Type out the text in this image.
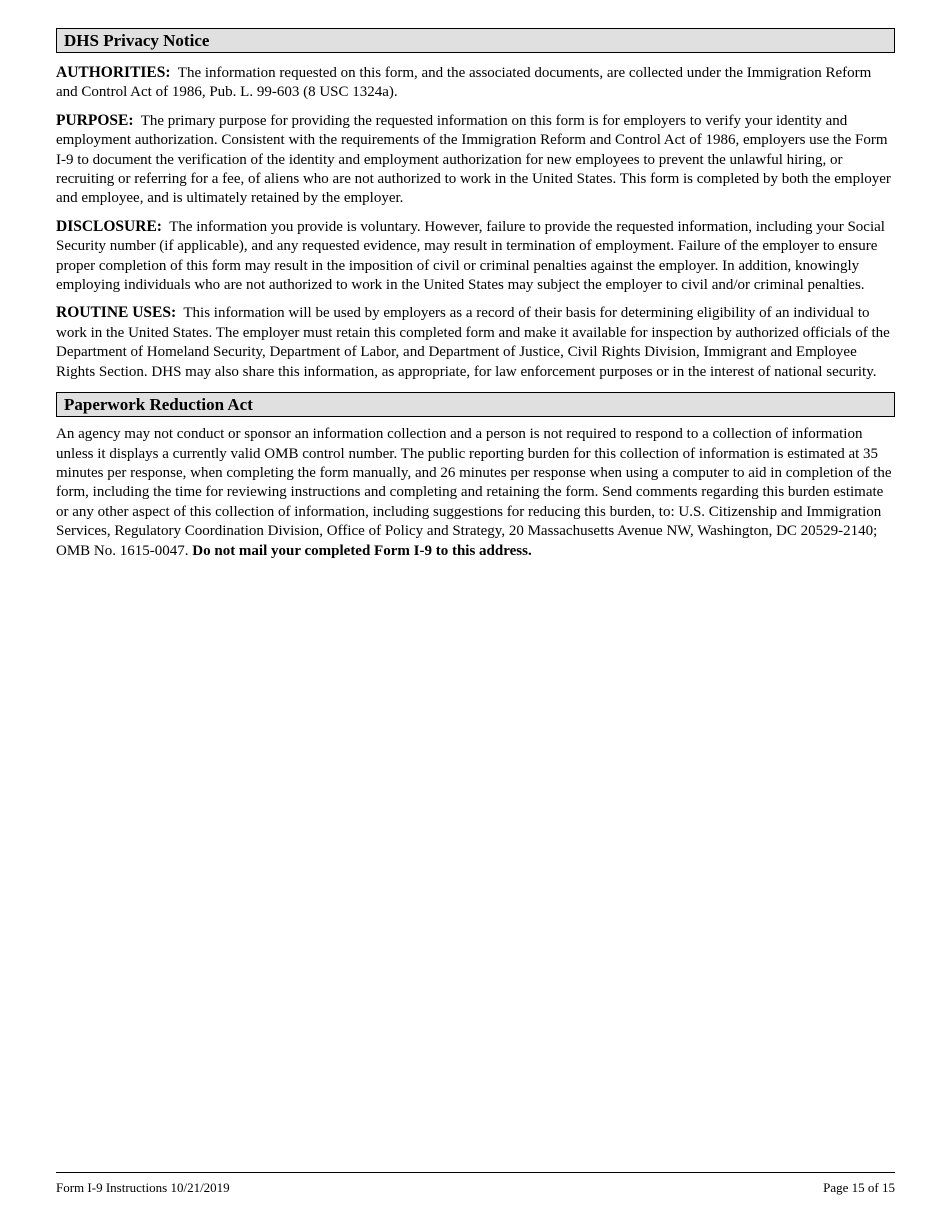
DHS Privacy Notice

AUTHORITIES: The information requested on this form, and the associated documents, are collected under the Immigration Reform and Control Act of 1986, Pub. L. 99-603 (8 USC 1324a).

PURPOSE: The primary purpose for providing the requested information on this form is for employers to verify your identity and employment authorization. Consistent with the requirements of the Immigration Reform and Control Act of 1986, employers use the Form I-9 to document the verification of the identity and employment authorization for new employees to prevent the unlawful hiring, or recruiting or referring for a fee, of aliens who are not authorized to work in the United States. This form is completed by both the employer and employee, and is ultimately retained by the employer.

DISCLOSURE: The information you provide is voluntary. However, failure to provide the requested information, including your Social Security number (if applicable), and any requested evidence, may result in termination of employment. Failure of the employer to ensure proper completion of this form may result in the imposition of civil or criminal penalties against the employer. In addition, knowingly employing individuals who are not authorized to work in the United States may subject the employer to civil and/or criminal penalties.

ROUTINE USES: This information will be used by employers as a record of their basis for determining eligibility of an individual to work in the United States. The employer must retain this completed form and make it available for inspection by authorized officials of the Department of Homeland Security, Department of Labor, and Department of Justice, Civil Rights Division, Immigrant and Employee Rights Section. DHS may also share this information, as appropriate, for law enforcement purposes or in the interest of national security.

Paperwork Reduction Act

An agency may not conduct or sponsor an information collection and a person is not required to respond to a collection of information unless it displays a currently valid OMB control number. The public reporting burden for this collection of information is estimated at 35 minutes per response, when completing the form manually, and 26 minutes per response when using a computer to aid in completion of the form, including the time for reviewing instructions and completing and retaining the form. Send comments regarding this burden estimate or any other aspect of this collection of information, including suggestions for reducing this burden, to: U.S. Citizenship and Immigration Services, Regulatory Coordination Division, Office of Policy and Strategy, 20 Massachusetts Avenue NW, Washington, DC 20529-2140; OMB No. 1615-0047. Do not mail your completed Form I-9 to this address.

Form I-9 Instructions 10/21/2019	Page 15 of 15
